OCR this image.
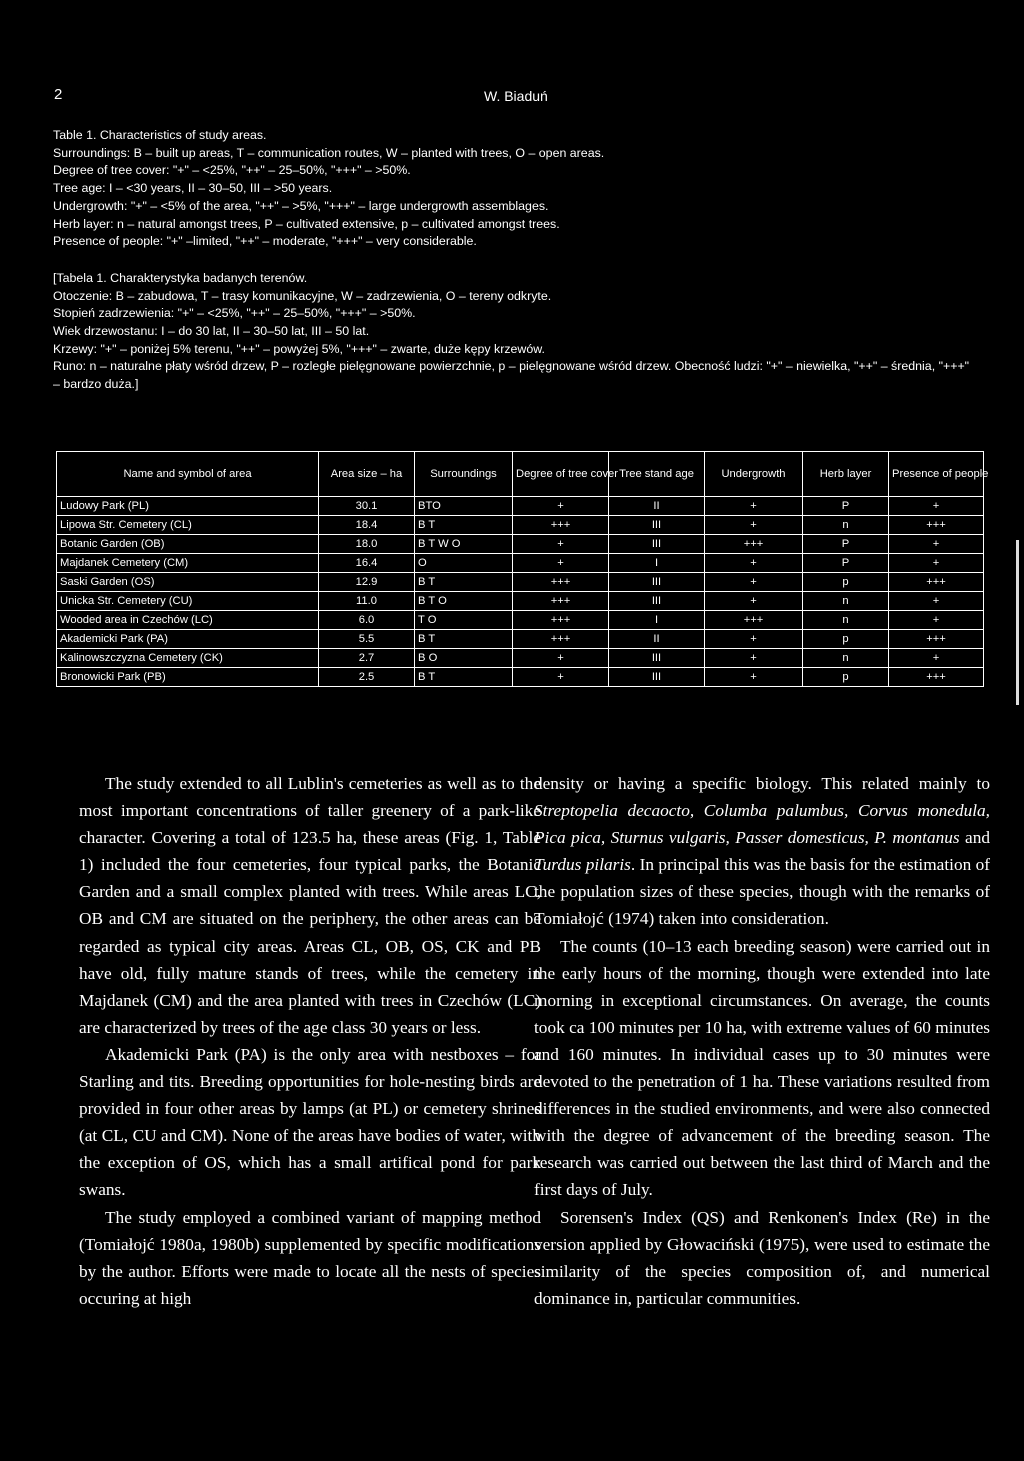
2	W. Biaduń
Table 1. Characteristics of study areas.
Surroundings: B – built up areas, T – communication routes, W – planted with trees, O – open areas.
Degree of tree cover: "+" – <25%, "++" – 25–50%, "+++" – >50%.
Tree age: I – <30 years, II – 30–50, III – >50 years.
Undergrowth: "+" – <5% of the area, "++" – >5%, "+++" – large undergrowth assemblages.
Herb layer: n – natural amongst trees, P – cultivated extensive, p – cultivated amongst trees.
Presence of people: "+" –limited, "++" – moderate, "+++" – very considerable.
[Tabela 1. Charakterystyka badanych terenów.
Otoczenie: B – zabudowa, T – trasy komunikacyjne, W – zadrzewienia, O – tereny odkryte.
Stopień zadrzewienia: "+" – <25%, "++" – 25–50%, "+++" – >50%.
Wiek drzewostanu: I – do 30 lat, II – 30–50 lat, III – 50 lat.
Krzewy: "+" – poniżej 5% terenu, "++" – powyżej 5%, "+++" – zwarte, duże kępy krzewów.
Runo: n – naturalne płaty wśród drzew, P – rozległe pielęgnowane powierzchnie, p – pielęgnowane wśród drzew. Obecność ludzi: "+" – niewielka, "++" – średnia, "+++" – bardzo duża.]
Name and symbol of area	Area size – ha	Surroundings	Degree of tree cover	Tree stand age	Undergrowth	Herb layer	Presence of people
Ludowy Park (PL)	30.1	BTO	+	II	+	P	+
Lipowa Str. Cemetery (CL)	18.4	B T	+++	III	+	n	+++
Botanic Garden (OB)	18.0	B T W O	+	III	+++	P	+
Majdanek Cemetery (CM)	16.4	O	+	I	+	P	+
Saski Garden (OS)	12.9	B T	+++	III	+	p	+++
Unicka Str. Cemetery (CU)	11.0	B T O	+++	III	+	n	+
Wooded area in Czechów (LC)	6.0	T O	+++	I	+++	n	+
Akademicki Park (PA)	5.5	B T	+++	II	+	p	+++
Kalinowszczyzna Cemetery (CK)	2.7	B O	+	III	+	n	+
Bronowicki Park (PB)	2.5	B T	+	III	+	p	+++

The study extended to all Lublin's cemeteries as well as to the most important concentrations of taller greenery of a park-like character. Covering a total of 123.5 ha, these areas (Fig. 1, Table 1) included the four cemeteries, four typical parks, the Botanic Garden and a small complex planted with trees. While areas LC, OB and CM are situated on the periphery, the other areas can be regarded as typical city areas. Areas CL, OB, OS, CK and PB have old, fully mature stands of trees, while the cemetery in Majdanek (CM) and the area planted with trees in Czechów (LC) are characterized by trees of the age class 30 years or less.

Akademicki Park (PA) is the only area with nestboxes – for Starling and tits. Breeding opportunities for hole-nesting birds are provided in four other areas by lamps (at PL) or cemetery shrines (at CL, CU and CM). None of the areas have bodies of water, with the exception of OS, which has a small artifical pond for park swans.

The study employed a combined variant of mapping method (Tomiałojć 1980a, 1980b) supplemented by specific modifications by the author. Efforts were made to locate all the nests of species occuring at high

density or having a specific biology. This related mainly to Streptopelia decaocto, Columba palumbus, Corvus monedula, Pica pica, Sturnus vulgaris, Passer domesticus, P. montanus and Turdus pilaris. In principal this was the basis for the estimation of the population sizes of these species, though with the remarks of Tomiałojć (1974) taken into consideration.

The counts (10–13 each breeding season) were carried out in the early hours of the morning, though were extended into late morning in exceptional circumstances. On average, the counts took ca 100 minutes per 10 ha, with extreme values of 60 minutes and 160 minutes. In individual cases up to 30 minutes were devoted to the penetration of 1 ha. These variations resulted from differences in the studied environments, and were also connected with the degree of advancement of the breeding season. The research was carried out between the last third of March and the first days of July.

Sorensen's Index (QS) and Renkonen's Index (Re) in the version applied by Głowaciński (1975), were used to estimate the similarity of the species composition of, and numerical dominance in, particular communities.
